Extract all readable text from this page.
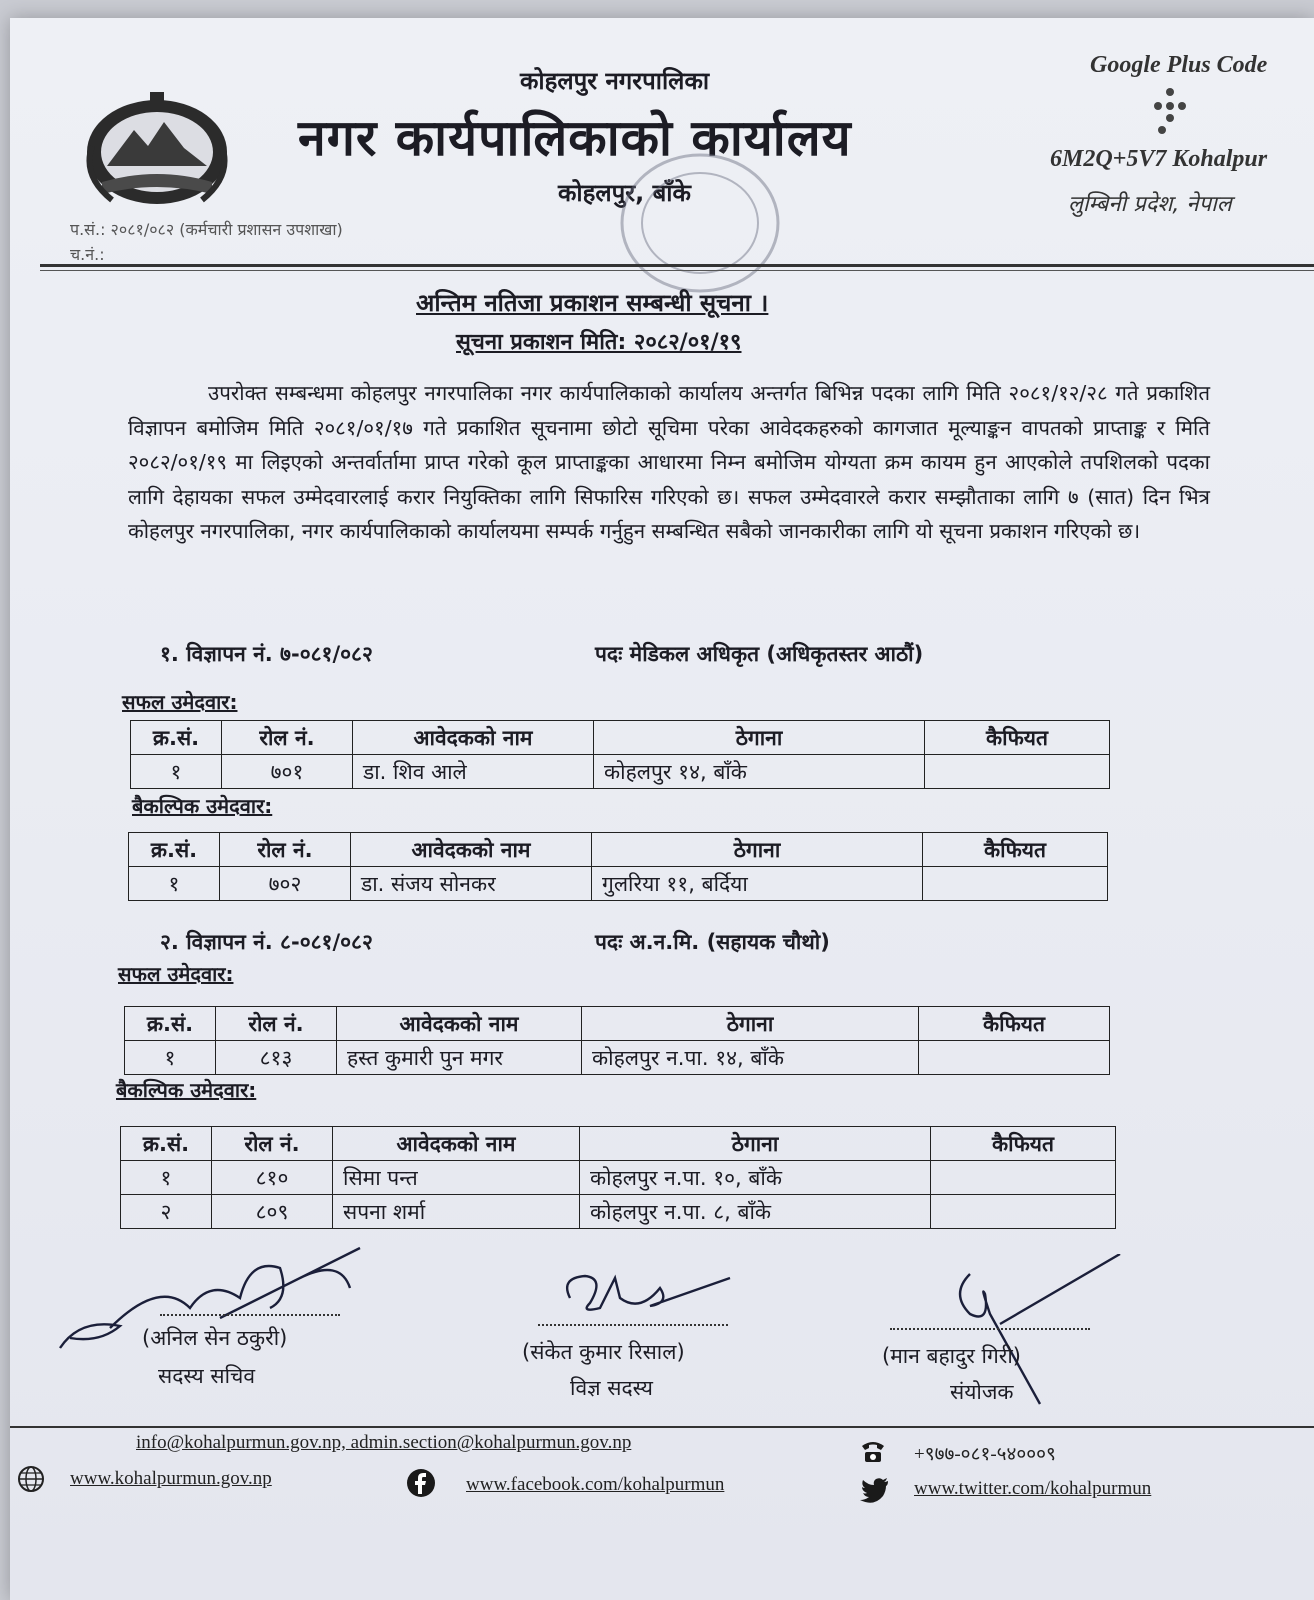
कोहलपुर नगरपालिका
नगर कार्यपालिकाको कार्यालय
कोहलपुर, बाँके
Google Plus Code
6M2Q+5V7 Kohalpur
लुम्बिनी प्रदेश, नेपाल
प.सं.: २०८१/०८२ (कर्मचारी प्रशासन उपशाखा)
च.नं.:
अन्तिम नतिजा प्रकाशन सम्बन्धी सूचना ।
सूचना प्रकाशन मिति: २०८२/०१/१९
उपरोक्त सम्बन्धमा कोहलपुर नगरपालिका नगर कार्यपालिकाको कार्यालय अन्तर्गत बिभिन्न पदका लागि मिति २०८१/१२/२८ गते प्रकाशित विज्ञापन बमोजिम मिति २०८१/०१/१७ गते प्रकाशित सूचनामा छोटो सूचिमा परेका आवेदकहरुको कागजात मूल्याङ्कन वापतको प्राप्ताङ्क र मिति २०८२/०१/१९ मा लिइएको अन्तर्वार्तामा प्राप्त गरेको कूल प्राप्ताङ्कका आधारमा निम्न बमोजिम योग्यता क्रम कायम हुन आएकोले तपशिलको पदका लागि देहायका सफल उम्मेदवारलाई करार नियुक्तिका लागि सिफारिस गरिएको छ। सफल उम्मेदवारले करार सम्झौताका लागि ७ (सात) दिन भित्र कोहलपुर नगरपालिका, नगर कार्यपालिकाको कार्यालयमा सम्पर्क गर्नुहुन सम्बन्धित सबैको जानकारीका लागि यो सूचना प्रकाशन गरिएको छ।
१. विज्ञापन नं. ७-०८१/०८२	पदः मेडिकल अधिकृत (अधिकृतस्तर आठौं)
सफल उमेदवार:
क्र.सं.	रोल नं.	आवेदकको नाम	ठेगाना	कैफियत
१	७०१	डा. शिव आले	कोहलपुर १४, बाँके	
बैकल्पिक उमेदवार:
क्र.सं.	रोल नं.	आवेदकको नाम	ठेगाना	कैफियत
१	७०२	डा. संजय सोनकर	गुलरिया ११, बर्दिया	
२. विज्ञापन नं. ८-०८१/०८२	पदः अ.न.मि. (सहायक चौथो)
सफल उमेदवार:
क्र.सं.	रोल नं.	आवेदकको नाम	ठेगाना	कैफियत
१	८१३	हस्त कुमारी पुन मगर	कोहलपुर न.पा. १४, बाँके	
बैकल्पिक उमेदवार:
क्र.सं.	रोल नं.	आवेदकको नाम	ठेगाना	कैफियत
१	८१०	सिमा पन्त	कोहलपुर न.पा. १०, बाँके	
२	८०९	सपना शर्मा	कोहलपुर न.पा. ८, बाँके	
(अनिल सेन ठकुरी)
सदस्य सचिव
(संकेत कुमार रिसाल)
विज्ञ सदस्य
(मान बहादुर गिरी)
संयोजक
info@kohalpurmun.gov.np, admin.section@kohalpurmun.gov.np
www.kohalpurmun.gov.np	www.facebook.com/kohalpurmun
+९७७-०८१-५४०००९
www.twitter.com/kohalpurmun
